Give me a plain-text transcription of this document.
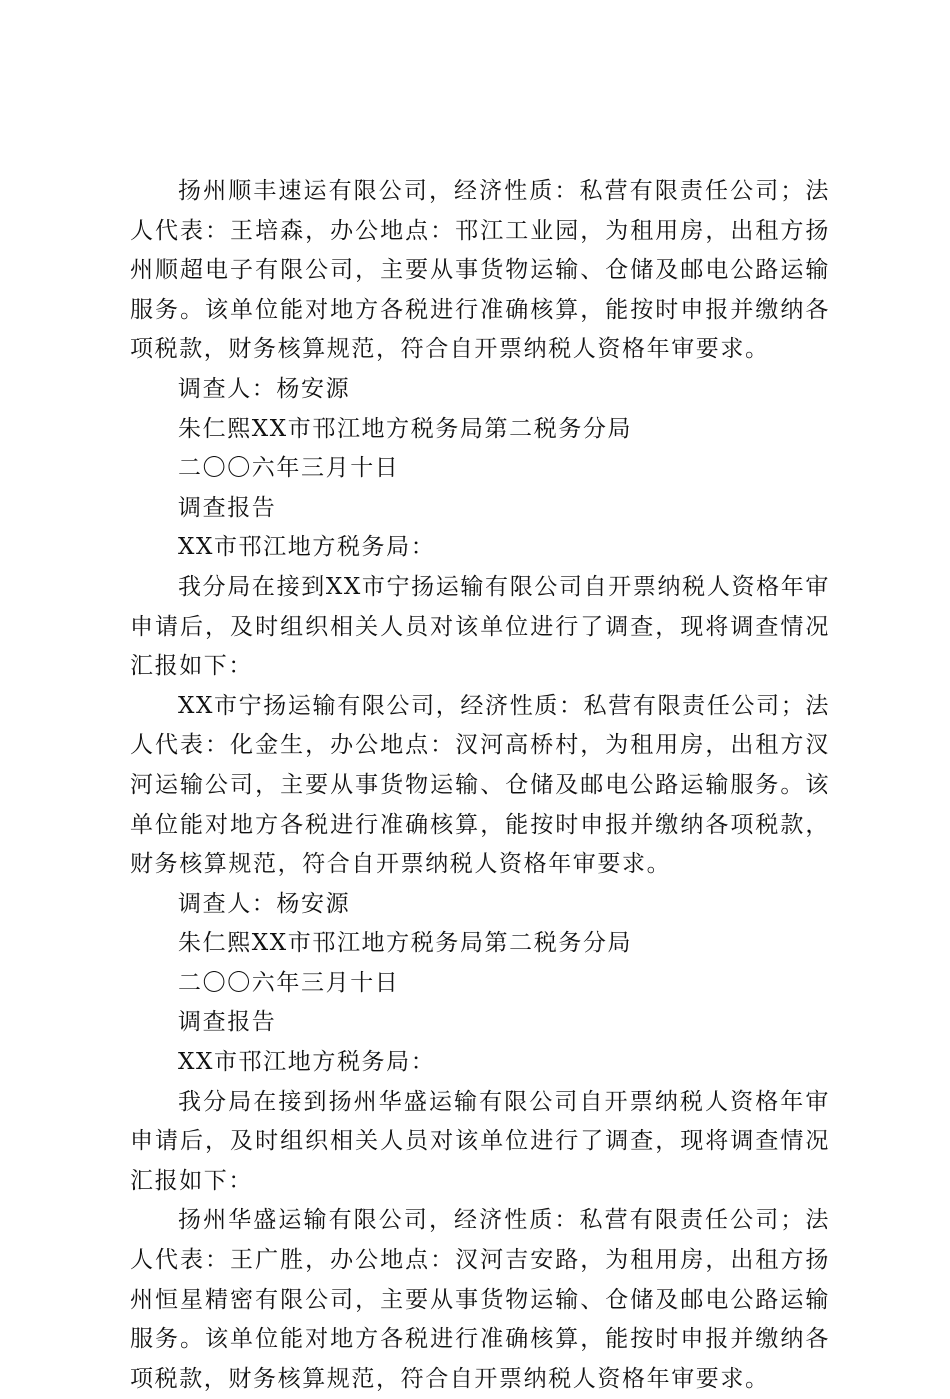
扬州顺丰速运有限公司，经济性质：私营有限责任公司；法人代表：王培森，办公地点：邗江工业园，为租用房，出租方扬州顺超电子有限公司，主要从事货物运输、仓储及邮电公路运输服务。该单位能对地方各税进行准确核算，能按时申报并缴纳各项税款，财务核算规范，符合自开票纳税人资格年审要求。

调查人：杨安源

朱仁熙XX市邗江地方税务局第二税务分局

二〇〇六年三月十日

调查报告

XX市邗江地方税务局：

我分局在接到XX市宁扬运输有限公司自开票纳税人资格年审申请后，及时组织相关人员对该单位进行了调查，现将调查情况汇报如下：

XX市宁扬运输有限公司，经济性质：私营有限责任公司；法人代表：化金生，办公地点：汊河高桥村，为租用房，出租方汊河运输公司，主要从事货物运输、仓储及邮电公路运输服务。该单位能对地方各税进行准确核算，能按时申报并缴纳各项税款，财务核算规范，符合自开票纳税人资格年审要求。

调查人：杨安源

朱仁熙XX市邗江地方税务局第二税务分局

二〇〇六年三月十日

调查报告

XX市邗江地方税务局：

我分局在接到扬州华盛运输有限公司自开票纳税人资格年审申请后，及时组织相关人员对该单位进行了调查，现将调查情况汇报如下：

扬州华盛运输有限公司，经济性质：私营有限责任公司；法人代表：王广胜，办公地点：汊河吉安路，为租用房，出租方扬州恒星精密有限公司，主要从事货物运输、仓储及邮电公路运输服务。该单位能对地方各税进行准确核算，能按时申报并缴纳各项税款，财务核算规范，符合自开票纳税人资格年审要求。
